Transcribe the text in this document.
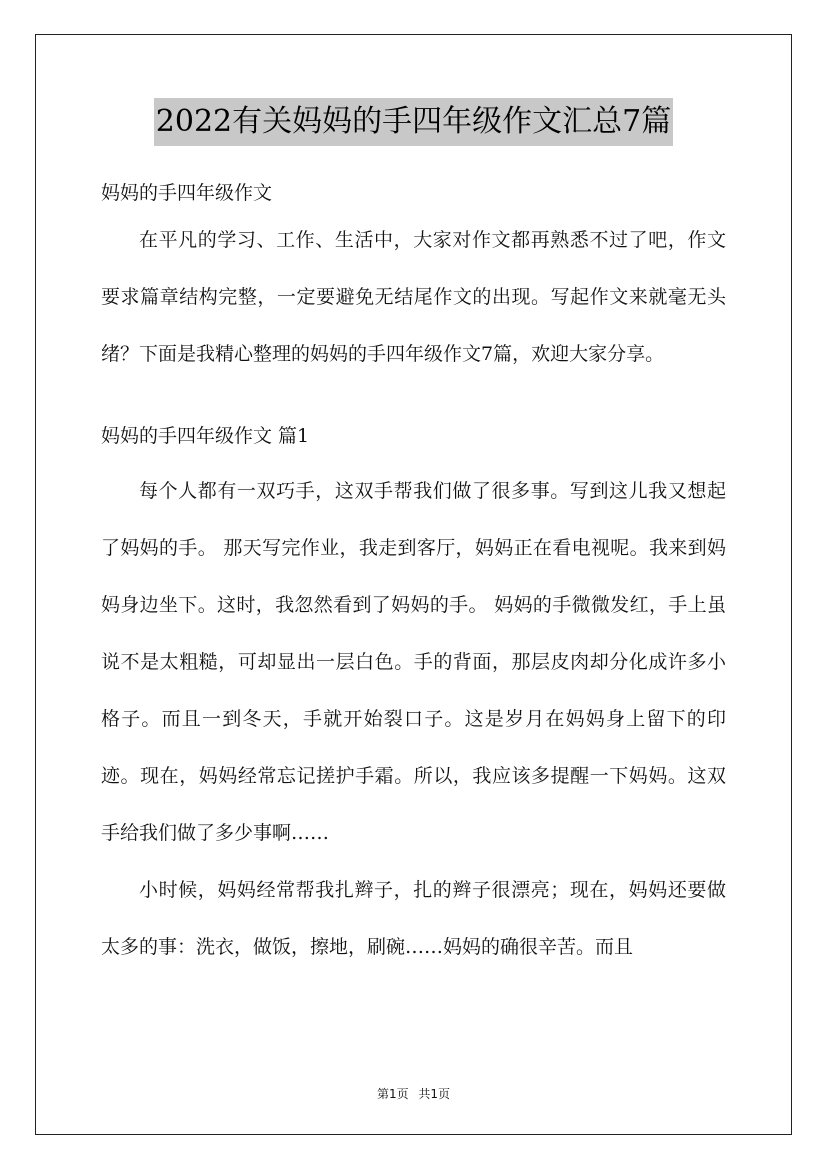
2022有关妈妈的手四年级作文汇总7篇

妈妈的手四年级作文

在平凡的学习、工作、生活中，大家对作文都再熟悉不过了吧，作文要求篇章结构完整，一定要避免无结尾作文的出现。写起作文来就毫无头绪？下面是我精心整理的妈妈的手四年级作文7篇，欢迎大家分享。

妈妈的手四年级作文 篇1

每个人都有一双巧手，这双手帮我们做了很多事。写到这儿我又想起了妈妈的手。 那天写完作业，我走到客厅，妈妈正在看电视呢。我来到妈妈身边坐下。这时，我忽然看到了妈妈的手。 妈妈的手微微发红，手上虽说不是太粗糙，可却显出一层白色。手的背面，那层皮肉却分化成许多小格子。而且一到冬天，手就开始裂口子。这是岁月在妈妈身上留下的印迹。现在，妈妈经常忘记搓护手霜。所以，我应该多提醒一下妈妈。这双手给我们做了多少事啊……

小时候，妈妈经常帮我扎辫子，扎的辫子很漂亮；现在，妈妈还要做太多的事：洗衣，做饭，擦地，刷碗……妈妈的确很辛苦。而且

第1页 共1页
